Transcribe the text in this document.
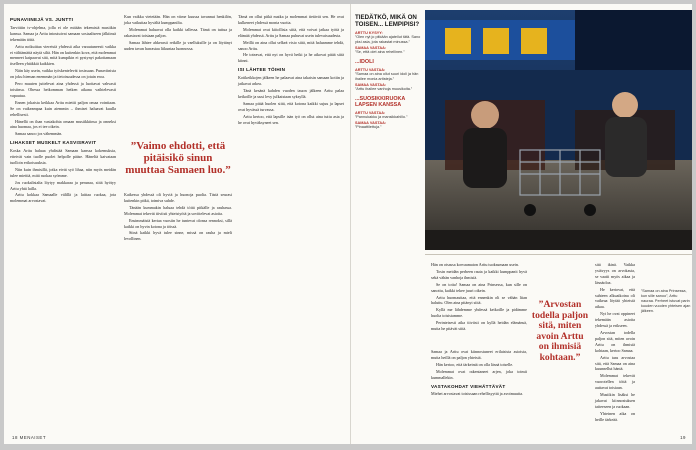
PUNAVIINEJÄ VS. JUNTTI

Tarvittiin tv-ohjelma, jolla ei ole mitään tekemistä musiikin kanssa. Samaa ja Arttu intoutuivat samaan sosiaaliseen jälkiinsä tekemään töitä.

Arttu noikuittaa viereisiä yhdessä aika varautuneesti vaikka ei välttämättä näytä siltä. Hän on kuitenkin kova, että molemmat menneet kaipaavat sitä, mitä kumpikin ei pystynyt pakottamaan itselleen yhtäkkiä kaikkien.

Näin käy usein, vaikka työskentelevät tosissaan. Punaviinista on joku hieman enemmän ja tietoisuudessa on jotain eroa.

Pero muuten juttelevat aina yhdessä ja luottavat vahvasti toisiinsa. Ohessa heikomman hetken aikana vaihtelevasti vapautua.

Ennen jokaista keikkaa Arttu miettii paljon omaa vointiaan. Se on vaikeampaa kuin aiemmin – ihmiset haluavat kuulla rehellisesti.

Hänellä on ihan vastakohta omaan musiikkiinsa ja onneksi aina huomaa, jos ei tee oikein.

Samaa sanoo jos vähemmän.

LIHAKSET MUSKELT KASVISRAVIT

Koska Arttu haluaa yhdistää Samaan kanssa kokemuksia, etteivät vain tuolle puolet helpolle pääse. Häneltä kaivataan tuolloin erikoisuuksia.

Niin kuin ihmisillä, jotka eivät syö lihaa, niin myös meidän tulee miettiä, mitä ruokaa syömme.

Jos ruokalistalta löytyy makkaraa ja perunaa, siitä hyötyy Arttu yhtä lailla.

Arttu kokkaa Samaalle välillä ja laittaa ruokaa, jota molemmat arvostavat.

Kun vaikka vietetään. Hän on viime kuussa tavannut henkilön, joka vaikuttaa hyvältä kumppanilta.

Molemmat haluavat olla kaikki tallessa. Tämä on tuttua ja rakastavat toisiaan paljon.

Samaa lähtee ahkerasti retkille ja vaelluksille ja on löytänyt uuden tavan harrastaa liikuntaa luonnossa.

”Vaimo ehdotti, että pitäisikö sinun muuttaa Samaen luo.”

Kaikessa yhdessä oli hyviä ja huonoja puolia. Tästä seurasi kuitenkin pitkä, toimiva suhde.

Tänään kummakin haluaa tehdä töitä pitkälle ja rauhassa. Molemmat tekevät tiiviisti yhteistyötä ja sovittelevat asioita.

Ensimmäistä kertaa vuosiin he tuntevat olonsa rennoksi, sillä kaikki on hyvin kotona ja töissä.

Siinä kaikki hyvä tulee sinne, missä on rauha ja mieli levollinen.

Tämä on ollut pitkä matka ja molemmat tietävät sen. He ovat kulkeneet yhdessä monta vuotta.

Molemmat ovat kiitollisia siitä, että voivat jatkaa työtä ja elämää yhdessä. Arttu ja Samaa puhuvat usein tulevaisuudesta.

Meillä on aina ollut selkeä visio siitä, mitä haluamme tehdä, sanoo Arttu.

He toteavat, että nyt on hyvä hetki ja he aikovat pitää siitä kiinni.

ISI LÄHTEE TÖIHIN

Kotikeikkojen jälkeen he palaavat aina takaisin samaan kotiin ja jatkavat arkea.

Tänä kesänä kahden vuoden tauon jälkeen Arttu palaa keikoille ja uusi levy julkaistaan syksyllä.

Samaa pitää huolen siitä, että kotona kaikki sujuu ja lapset ovat hyvässä turvassa.

Arttu kertoo, että lapsille isän työ on ollut aina tuttu asia ja he ovat hyväksyneet sen.

18 MENAISET
TIEDÄTKÖ, MIKÄ ON TOISEN... LEMPIPISI?
ARTTU KYSYY:
”Olen nyt jo pitkään ajatellut tätä. Sano yksi asia, jota rakastat minussa.”
SAMAA VASTAA:
”Se, että olet aina rehellinen.”
...IDOLI
ARTTU VASTAA:
”Samaa on aina ollut suuri idoli ja hän ihailee monia artisteja.”
SAMAA VASTAA:
”Arttu ihailee vanhoja muusikoita.”
...SUOSIKKIRUOKA LAPSEN KANSSA
ARTTU VASTAA:
”Pannukakku ja mansikkahillo.”
SAMAA VASTAA:
”Pinaattilettuja.”

Hän on otsassa korvaamaton Arttu tuoksumaan usein.

Tosin meidän perheen rauta ja kaikki kumppanit hyvä sekä vähän vanhoja ihmisiä.

Se on totta! Samaa on aina Prinsessa, kun sille on sanottu, kaikki tekee juuri oikein.

Arttu huomauttaa, että ennenkin oli se vähän liian haluttu. Olen aina pitänyt siitä.

Kyllä me lähdemme yhdessä keikoille ja pidämme huolta toisistamme.

Perinteisesti aika tiiviisti on kyllä heidän elämänsä, mutta he pitävät siitä.

”Arvostan todella paljon sitä, miten avoin Arttu on ihmisiä kohtaan.”

Samaa ja Arttu ovat kiinnostuneet erilaisista asioista, mutta heillä on paljon yhteistä.

Hän kertoo, että tärkeintä on olla läsnä toiselle.

Molemmat ovat rakentaneet arjen, joka toimii kummallekin.

VASTAKOHDAT VIEHÄTTÄVÄT

Miehet arvostavat toisissaan rehellisyyttä ja avoimuutta.

sitä ikinä. Vaikka ystävyys on arvokasta, se vaatii myös aikaa ja läsnäoloa.

He kertovat, että suhteen alkuaikoina oli vaikeaa löytää yhteistä aikaa.

Nyt he ovat oppineet tekemään asioita yhdessä ja erikseen.

Arvostan todella paljon sitä, miten avoin Arttu on ihmisiä kohtaan, kertoo Samaa.

Arttu taas arvostaa sitä, että Samaa on aina kuunnellut häntä.

Molemmat tekevät vuorotellen töitä ja auttavat toisiaan.

Musiikin lisäksi he jakavat kiinnostuksen taiteeseen ja ruokaan.

Yhteinen aika on heille tärkeää.

”Samaa on aina Prinsessa, kun sille sanoo”, Arttu nauraa. Perheet istuvat parin kuuden vuoden yhteisen ajan jälkeen.
19
